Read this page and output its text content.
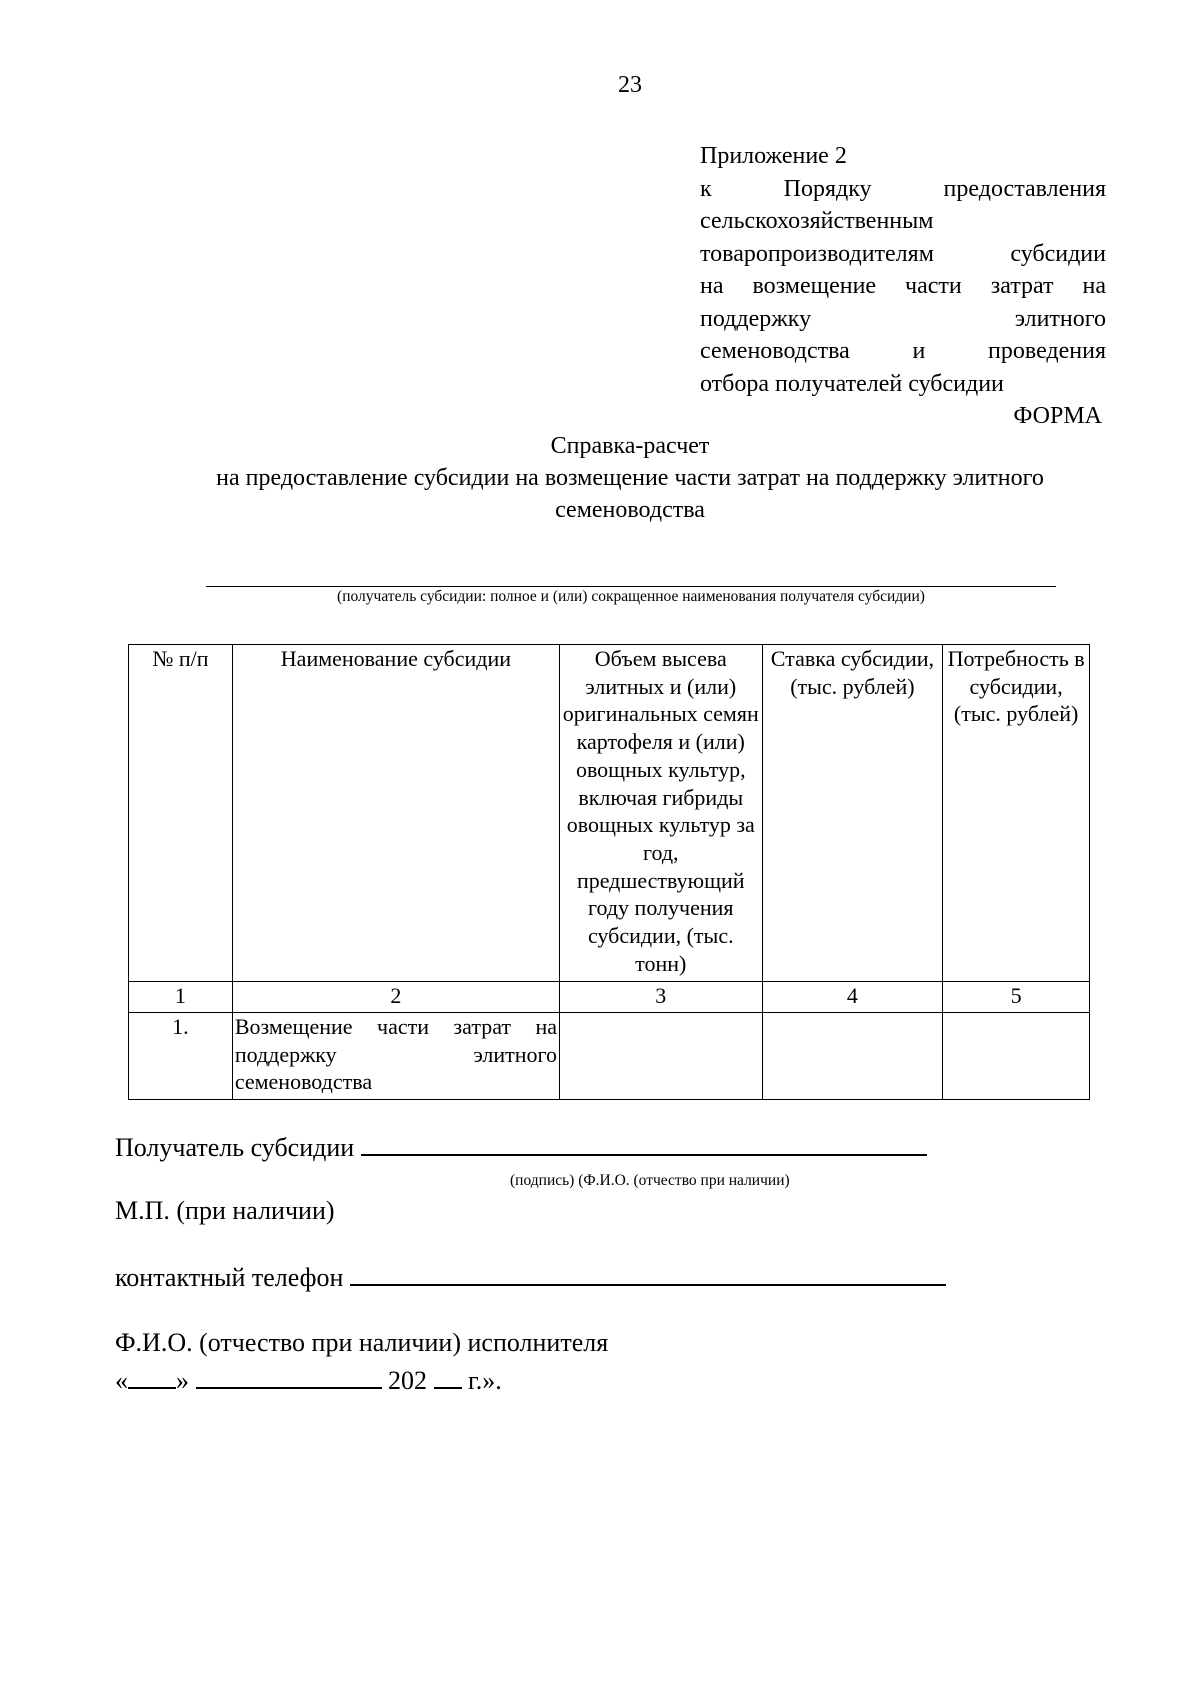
23
Приложение 2
к Порядку предоставления
сельскохозяйственным
товаропроизводителям субсидии
на возмещение части затрат на
поддержку элитного
семеноводства и проведения
отбора получателей субсидии
ФОРМА
Справка-расчет
на предоставление субсидии на возмещение части затрат на поддержку элитного
семеноводства
(получатель субсидии: полное и (или) сокращенное наименования получателя субсидии)
№ п/п	Наименование субсидии	Объем высева элитных и (или) оригинальных семян картофеля и (или) овощных культур, включая гибриды овощных культур за год, предшествующий году получения субсидии, (тыс. тонн)	Ставка субсидии, (тыс. рублей)	Потребность в субсидии, (тыс. рублей)
1	2	3	4	5
1.	Возмещение части затрат на поддержку элитного семеноводства			
Получатель субсидии
(подпись) (Ф.И.О. (отчество при наличии)
М.П. (при наличии)
контактный телефон
Ф.И.О. (отчество при наличии) исполнителя
« »	202 г.».
